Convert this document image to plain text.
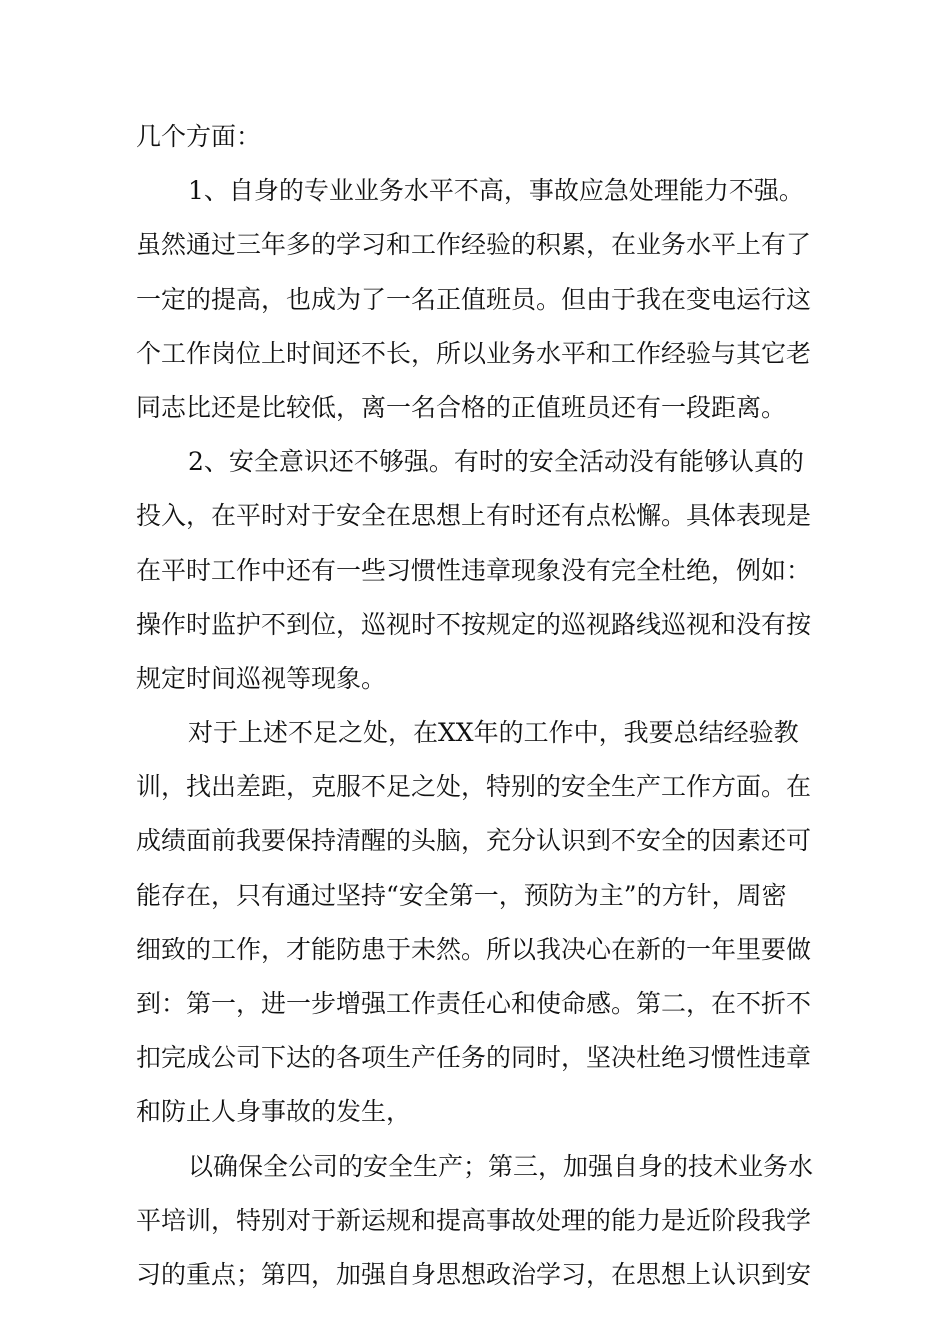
几个方面：
1、自身的专业业务水平不高，事故应急处理能力不强。
虽然通过三年多的学习和工作经验的积累，在业务水平上有了
一定的提高，也成为了一名正值班员。但由于我在变电运行这
个工作岗位上时间还不长，所以业务水平和工作经验与其它老
同志比还是比较低，离一名合格的正值班员还有一段距离。
2、安全意识还不够强。有时的安全活动没有能够认真的
投入，在平时对于安全在思想上有时还有点松懈。具体表现是
在平时工作中还有一些习惯性违章现象没有完全杜绝，例如：
操作时监护不到位，巡视时不按规定的巡视路线巡视和没有按
规定时间巡视等现象。
对于上述不足之处，在XX年的工作中，我要总结经验教
训，找出差距，克服不足之处，特别的安全生产工作方面。在
成绩面前我要保持清醒的头脑，充分认识到不安全的因素还可
能存在，只有通过坚持“安全第一，预防为主”的方针，周密
细致的工作，才能防患于未然。所以我决心在新的一年里要做
到：第一，进一步增强工作责任心和使命感。第二，在不折不
扣完成公司下达的各项生产任务的同时，坚决杜绝习惯性违章
和防止人身事故的发生，
以确保全公司的安全生产；第三，加强自身的技术业务水
平培训，特别对于新运规和提高事故处理的能力是近阶段我学
习的重点；第四，加强自身思想政治学习，在思想上认识到安
